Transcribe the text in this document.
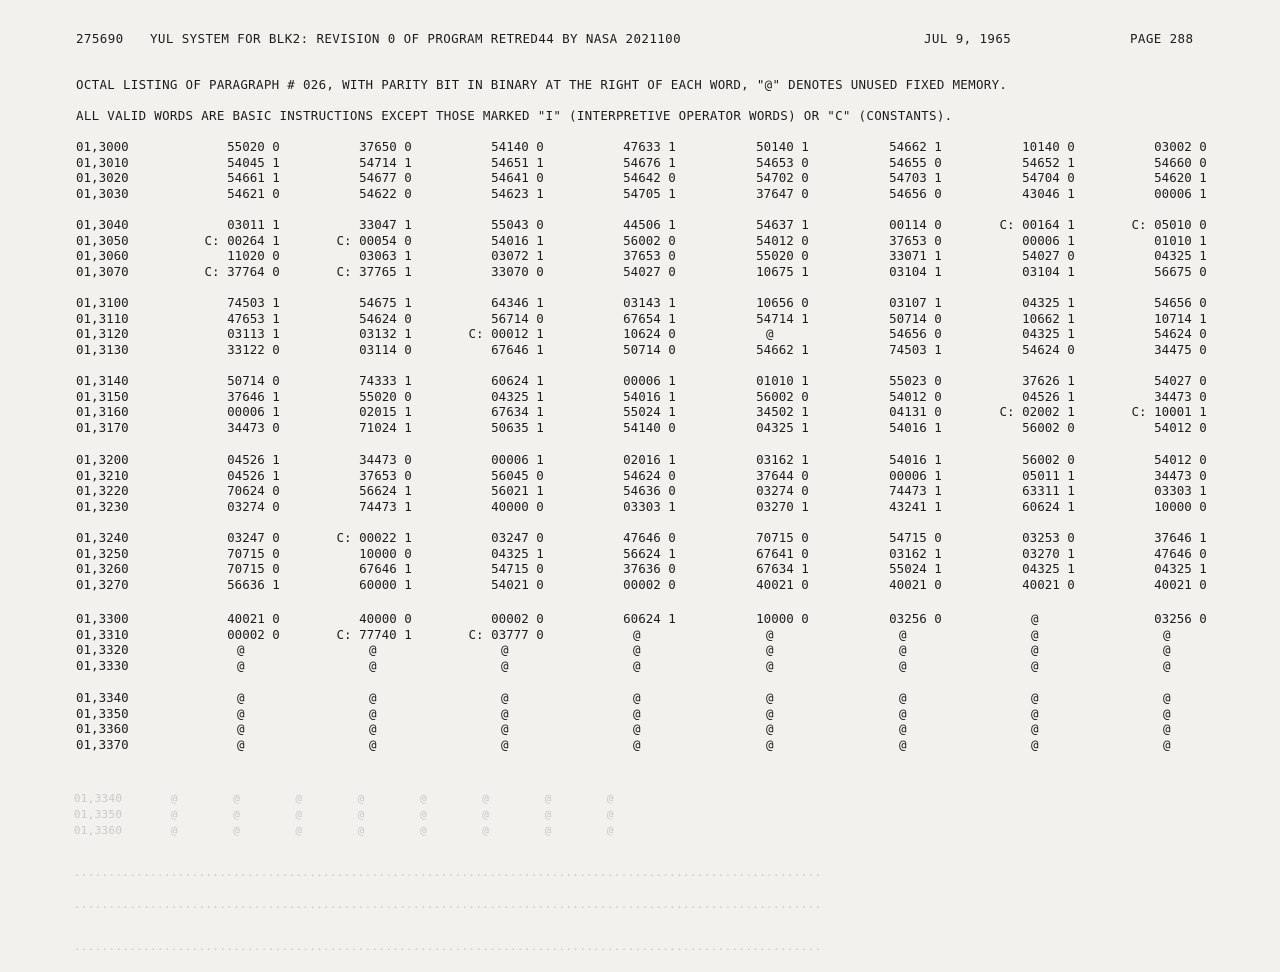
275690 YUL SYSTEM FOR BLK2: REVISION 0 OF PROGRAM RETRED44 BY NASA 2021100	JUL 9, 1965	PAGE 288
OCTAL LISTING OF PARAGRAPH # 026, WITH PARITY BIT IN BINARY AT THE RIGHT OF EACH WORD, "@" DENOTES UNUSED FIXED MEMORY.
ALL VALID WORDS ARE BASIC INSTRUCTIONS EXCEPT THOSE MARKED "I" (INTERPRETIVE OPERATOR WORDS) OR "C" (CONSTANTS).
01,3000	55020 0	37650 0	54140 0	47633 1	50140 1	54662 1	10140 0	03002 0
01,3010	54045 1	54714 1	54651 1	54676 1	54653 0	54655 0	54652 1	54660 0
01,3020	54661 1	54677 0	54641 0	54642 0	54702 0	54703 1	54704 0	54620 1
01,3030	54621 0	54622 0	54623 1	54705 1	37647 0	54656 0	43046 1	00006 1
01,3040	03011 1	33047 1	55043 0	44506 1	54637 1	00114 0	C: 00164 1	C: 05010 0
01,3050	C: 00264 1	C: 00054 0	54016 1	56002 0	54012 0	37653 0	00006 1	01010 1
01,3060	11020 0	03063 1	03072 1	37653 0	55020 0	33071 1	54027 0	04325 1
01,3070	C: 37764 0	C: 37765 1	33070 0	54027 0	10675 1	03104 1	03104 1	56675 0
01,3100	74503 1	54675 1	64346 1	03143 1	10656 0	03107 1	04325 1	54656 0
01,3110	47653 1	54624 0	56714 0	67654 1	54714 1	50714 0	10662 1	10714 1
01,3120	03113 1	03132 1	C: 00012 1	10624 0	@	54656 0	04325 1	54624 0
01,3130	33122 0	03114 0	67646 1	50714 0	54662 1	74503 1	54624 0	34475 0
01,3140	50714 0	74333 1	60624 1	00006 1	01010 1	55023 0	37626 1	54027 0
01,3150	37646 1	55020 0	04325 1	54016 1	56002 0	54012 0	04526 1	34473 0
01,3160	00006 1	02015 1	67634 1	55024 1	34502 1	04131 0	C: 02002 1	C: 10001 1
01,3170	34473 0	71024 1	50635 1	54140 0	04325 1	54016 1	56002 0	54012 0
01,3200	04526 1	34473 0	00006 1	02016 1	03162 1	54016 1	56002 0	54012 0
01,3210	04526 1	37653 0	56045 0	54624 0	37644 0	00006 1	05011 1	34473 0
01,3220	70624 0	56624 1	56021 1	54636 0	03274 0	74473 1	63311 1	03303 1
01,3230	03274 0	74473 1	40000 0	03303 1	03270 1	43241 1	60624 1	10000 0
01,3240	03247 0	C: 00022 1	03247 0	47646 0	70715 0	54715 0	03253 0	37646 1
01,3250	70715 0	10000 0	04325 1	56624 1	67641 0	03162 1	03270 1	47646 0
01,3260	70715 0	67646 1	54715 0	37636 0	67634 1	55024 1	04325 1	04325 1
01,3270	56636 1	60000 1	54021 0	00002 0	40021 0	40021 0	40021 0	40021 0
01,3300	40021 0	40000 0	00002 0	60624 1	10000 0	03256 0	@	03256 0
01,3310	00002 0	C: 77740 1	C: 03777 0	@	@	@	@	@
01,3320	@	@	@	@	@	@	@	@
01,3330	@	@	@	@	@	@	@	@
01,3340	@	@	@	@	@	@	@	@
01,3350	@	@	@	@	@	@	@	@
01,3360	@	@	@	@	@	@	@	@
01,3370	@	@	@	@	@	@	@	@
01,3340       @        @        @        @        @        @        @        @
01,3350       @        @        @        @        @        @        @        @
01,3360       @        @        @        @        @        @        @        @
............................................................................................................
............................................................................................................
............................................................................................................
